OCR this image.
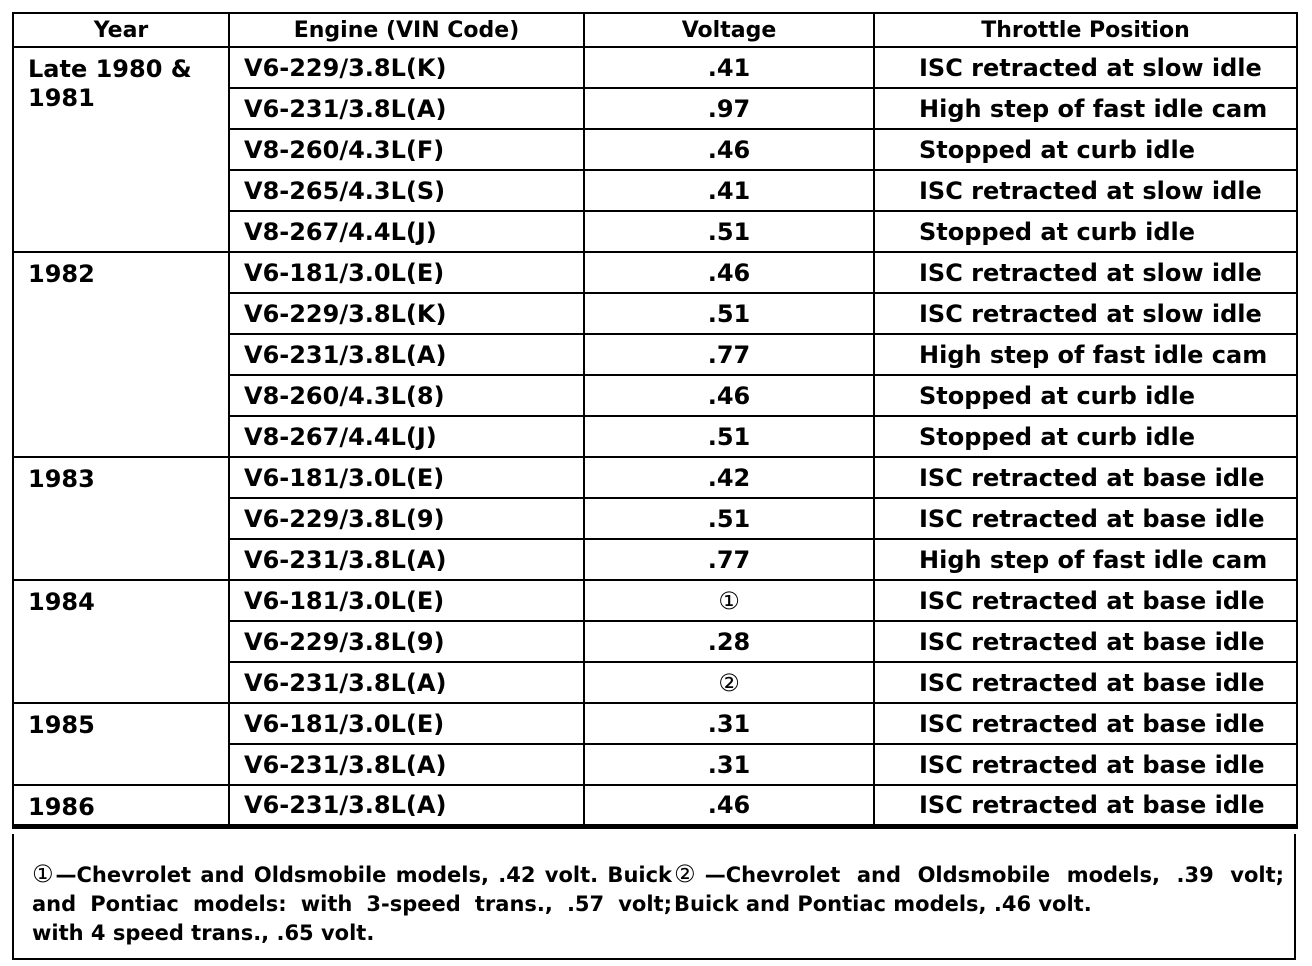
Year	Engine (VIN Code)	Voltage	Throttle Position
Late 1980 & 1981	V6-229/3.8L(K)	.41	ISC retracted at slow idle
	V6-231/3.8L(A)	.97	High step of fast idle cam
	V8-260/4.3L(F)	.46	Stopped at curb idle
	V8-265/4.3L(S)	.41	ISC retracted at slow idle
	V8-267/4.4L(J)	.51	Stopped at curb idle
1982	V6-181/3.0L(E)	.46	ISC retracted at slow idle
	V6-229/3.8L(K)	.51	ISC retracted at slow idle
	V6-231/3.8L(A)	.77	High step of fast idle cam
	V8-260/4.3L(8)	.46	Stopped at curb idle
	V8-267/4.4L(J)	.51	Stopped at curb idle
1983	V6-181/3.0L(E)	.42	ISC retracted at base idle
	V6-229/3.8L(9)	.51	ISC retracted at base idle
	V6-231/3.8L(A)	.77	High step of fast idle cam
1984	V6-181/3.0L(E)	①	ISC retracted at base idle
	V6-229/3.8L(9)	.28	ISC retracted at base idle
	V6-231/3.8L(A)	②	ISC retracted at base idle
1985	V6-181/3.0L(E)	.31	ISC retracted at base idle
	V6-231/3.8L(A)	.31	ISC retracted at base idle
1986	V6-231/3.8L(A)	.46	ISC retracted at base idle

①—Chevrolet and Oldsmobile models, .42 volt. Buick and Pontiac models: with 3-speed trans., .57 volt; with 4 speed trans., .65 volt.

②—Chevrolet and Oldsmobile models, .39 volt; Buick and Pontiac models, .46 volt.
